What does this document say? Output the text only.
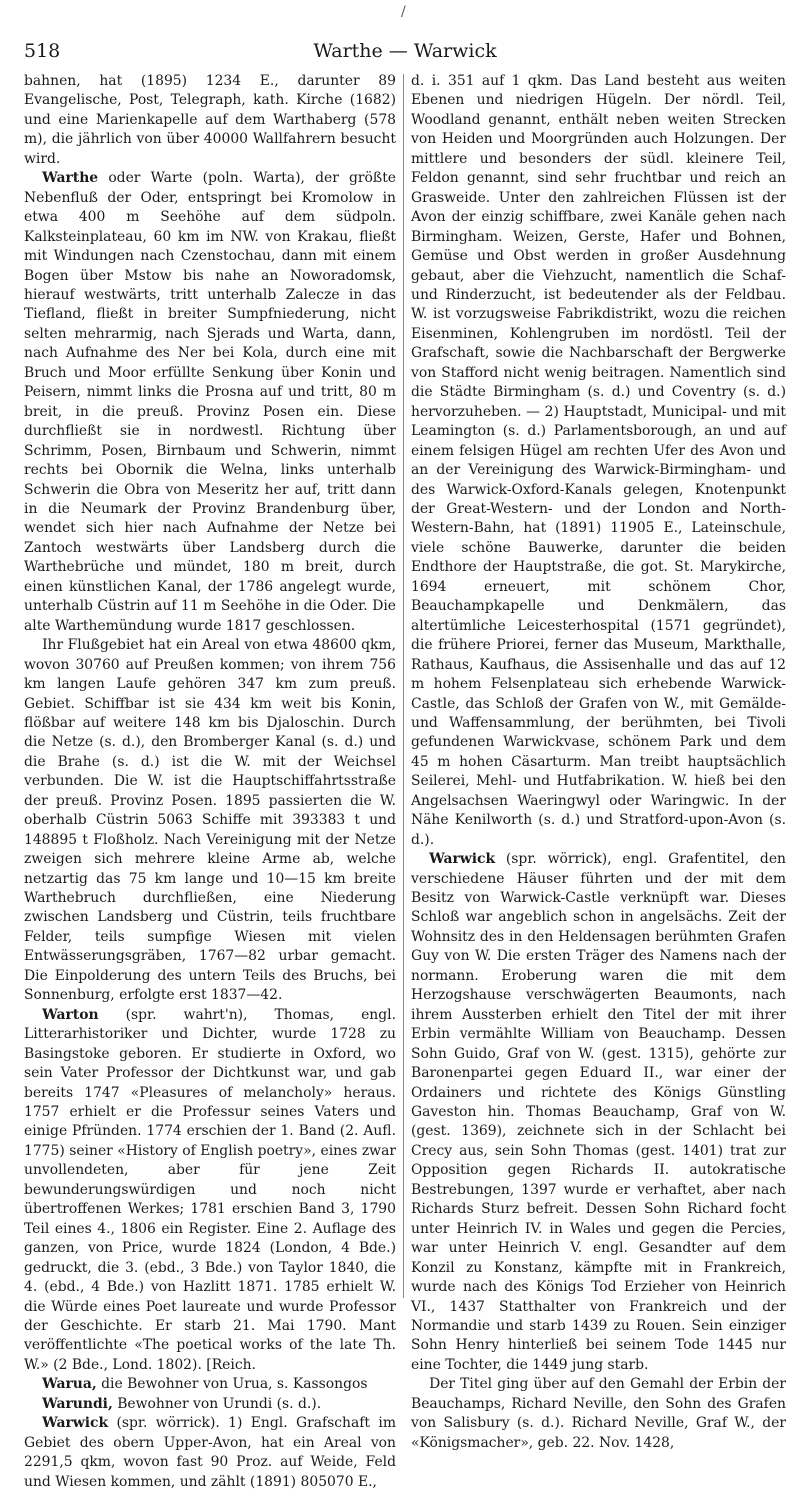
/
Warthe — Warwick
518

bahnen, hat (1895) 1234 E., darunter 89 Evangelische, Post, Telegraph, kath. Kirche (1682) und eine Marienkapelle auf dem Warthaberg (578 m), die jährlich von über 40000 Wallfahrern besucht wird.

Warthe oder Warte (poln. Warta), der größte Nebenfluß der Oder, entspringt bei Kromolow in etwa 400 m Seehöhe auf dem südpoln. Kalksteinplateau, 60 km im NW. von Krakau, fließt mit Windungen nach Czenstochau, dann mit einem Bogen über Mstow bis nahe an Noworadomsk, hierauf westwärts, tritt unterhalb Zalecze in das Tiefland, fließt in breiter Sumpfniederung, nicht selten mehrarmig, nach Sjerads und Warta, dann, nach Aufnahme des Ner bei Kola, durch eine mit Bruch und Moor erfüllte Senkung über Konin und Peisern, nimmt links die Prosna auf und tritt, 80 m breit, in die preuß. Provinz Posen ein. Diese durchfließt sie in nordwestl. Richtung über Schrimm, Posen, Birnbaum und Schwerin, nimmt rechts bei Obornik die Welna, links unterhalb Schwerin die Obra von Meseritz her auf, tritt dann in die Neumark der Provinz Brandenburg über, wendet sich hier nach Aufnahme der Netze bei Zantoch westwärts über Landsberg durch die Warthebrüche und mündet, 180 m breit, durch einen künstlichen Kanal, der 1786 angelegt wurde, unterhalb Cüstrin auf 11 m Seehöhe in die Oder. Die alte Warthemündung wurde 1817 geschlossen.

Ihr Flußgebiet hat ein Areal von etwa 48600 qkm, wovon 30760 auf Preußen kommen; von ihrem 756 km langen Laufe gehören 347 km zum preuß. Gebiet. Schiffbar ist sie 434 km weit bis Konin, flößbar auf weitere 148 km bis Djaloschin. Durch die Netze (s. d.), den Bromberger Kanal (s. d.) und die Brahe (s. d.) ist die W. mit der Weichsel verbunden. Die W. ist die Hauptschiffahrtsstraße der preuß. Provinz Posen. 1895 passierten die W. oberhalb Cüstrin 5063 Schiffe mit 393383 t und 148895 t Floßholz. Nach Vereinigung mit der Netze zweigen sich mehrere kleine Arme ab, welche netzartig das 75 km lange und 10—15 km breite Warthebruch durchfließen, eine Niederung zwischen Landsberg und Cüstrin, teils fruchtbare Felder, teils sumpfige Wiesen mit vielen Entwässerungsgräben, 1767—82 urbar gemacht. Die Einpolderung des untern Teils des Bruchs, bei Sonnenburg, erfolgte erst 1837—42.

Warton (spr. wahrt'n), Thomas, engl. Litterarhistoriker und Dichter, wurde 1728 zu Basingstoke geboren. Er studierte in Oxford, wo sein Vater Professor der Dichtkunst war, und gab bereits 1747 «Pleasures of melancholy» heraus. 1757 erhielt er die Professur seines Vaters und einige Pfründen. 1774 erschien der 1. Band (2. Aufl. 1775) seiner «History of English poetry», eines zwar unvollendeten, aber für jene Zeit bewunderungswürdigen und noch nicht übertroffenen Werkes; 1781 erschien Band 3, 1790 Teil eines 4., 1806 ein Register. Eine 2. Auflage des ganzen, von Price, wurde 1824 (London, 4 Bde.) gedruckt, die 3. (ebd., 3 Bde.) von Taylor 1840, die 4. (ebd., 4 Bde.) von Hazlitt 1871. 1785 erhielt W. die Würde eines Poet laureate und wurde Professor der Geschichte. Er starb 21. Mai 1790. Mant veröffentlichte «The poetical works of the late Th. W.» (2 Bde., Lond. 1802). [Reich.

Warua, die Bewohner von Urua, s. Kassongos

Warundi, Bewohner von Urundi (s. d.).

Warwick (spr. wörrick). 1) Engl. Grafschaft im Gebiet des obern Upper-Avon, hat ein Areal von 2291,5 qkm, wovon fast 90 Proz. auf Weide, Feld und Wiesen kommen, und zählt (1891) 805070 E.,

d. i. 351 auf 1 qkm. Das Land besteht aus weiten Ebenen und niedrigen Hügeln. Der nördl. Teil, Woodland genannt, enthält neben weiten Strecken von Heiden und Moorgründen auch Holzungen. Der mittlere und besonders der südl. kleinere Teil, Feldon genannt, sind sehr fruchtbar und reich an Grasweide. Unter den zahlreichen Flüssen ist der Avon der einzig schiffbare, zwei Kanäle gehen nach Birmingham. Weizen, Gerste, Hafer und Bohnen, Gemüse und Obst werden in großer Ausdehnung gebaut, aber die Viehzucht, namentlich die Schaf- und Rinderzucht, ist bedeutender als der Feldbau. W. ist vorzugsweise Fabrikdistrikt, wozu die reichen Eisenminen, Kohlengruben im nordöstl. Teil der Grafschaft, sowie die Nachbarschaft der Bergwerke von Stafford nicht wenig beitragen. Namentlich sind die Städte Birmingham (s. d.) und Coventry (s. d.) hervorzuheben. — 2) Hauptstadt, Municipal- und mit Leamington (s. d.) Parlamentsborough, an und auf einem felsigen Hügel am rechten Ufer des Avon und an der Vereinigung des Warwick-Birmingham- und des Warwick-Oxford-Kanals gelegen, Knotenpunkt der Great-Western- und der London and North-Western-Bahn, hat (1891) 11905 E., Lateinschule, viele schöne Bauwerke, darunter die beiden Endthore der Hauptstraße, die got. St. Marykirche, 1694 erneuert, mit schönem Chor, Beauchampkapelle und Denkmälern, das altertümliche Leicesterhospital (1571 gegründet), die frühere Priorei, ferner das Museum, Markthalle, Rathaus, Kaufhaus, die Assisenhalle und das auf 12 m hohem Felsenplateau sich erhebende Warwick-Castle, das Schloß der Grafen von W., mit Gemälde- und Waffensammlung, der berühmten, bei Tivoli gefundenen Warwickvase, schönem Park und dem 45 m hohen Cäsarturm. Man treibt hauptsächlich Seilerei, Mehl- und Hutfabrikation. W. hieß bei den Angelsachsen Waeringwyl oder Waringwic. In der Nähe Kenilworth (s. d.) und Stratford-upon-Avon (s. d.).

Warwick (spr. wörrick), engl. Grafentitel, den verschiedene Häuser führten und der mit dem Besitz von Warwick-Castle verknüpft war. Dieses Schloß war angeblich schon in angelsächs. Zeit der Wohnsitz des in den Heldensagen berühmten Grafen Guy von W. Die ersten Träger des Namens nach der normann. Eroberung waren die mit dem Herzogshause verschwägerten Beaumonts, nach ihrem Aussterben erhielt den Titel der mit ihrer Erbin vermählte William von Beauchamp. Dessen Sohn Guido, Graf von W. (gest. 1315), gehörte zur Baronenpartei gegen Eduard II., war einer der Ordainers und richtete des Königs Günstling Gaveston hin. Thomas Beauchamp, Graf von W. (gest. 1369), zeichnete sich in der Schlacht bei Crecy aus, sein Sohn Thomas (gest. 1401) trat zur Opposition gegen Richards II. autokratische Bestrebungen, 1397 wurde er verhaftet, aber nach Richards Sturz befreit. Dessen Sohn Richard focht unter Heinrich IV. in Wales und gegen die Percies, war unter Heinrich V. engl. Gesandter auf dem Konzil zu Konstanz, kämpfte mit in Frankreich, wurde nach des Königs Tod Erzieher von Heinrich VI., 1437 Statthalter von Frankreich und der Normandie und starb 1439 zu Rouen. Sein einziger Sohn Henry hinterließ bei seinem Tode 1445 nur eine Tochter, die 1449 jung starb.

Der Titel ging über auf den Gemahl der Erbin der Beauchamps, Richard Neville, den Sohn des Grafen von Salisbury (s. d.). Richard Neville, Graf W., der «Königsmacher», geb. 22. Nov. 1428,
